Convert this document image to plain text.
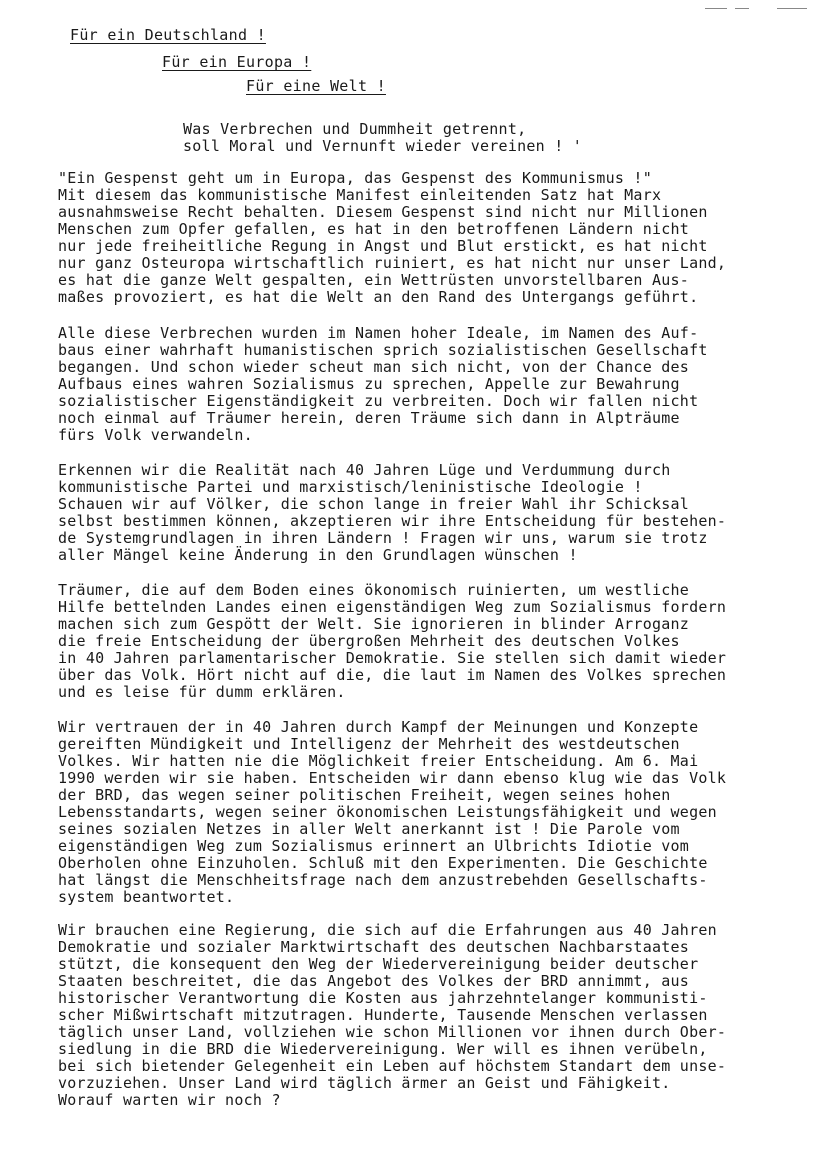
Für ein Deutschland !
Für ein Europa !
Für eine Welt !
Was Verbrechen und Dummheit getrennt,
soll Moral und Vernunft wieder vereinen ! '
"Ein Gespenst geht um in Europa, das Gespenst des Kommunismus !"
Mit diesem das kommunistische Manifest einleitenden Satz hat Marx
ausnahmsweise Recht behalten. Diesem Gespenst sind nicht nur Millionen
Menschen zum Opfer gefallen, es hat in den betroffenen Ländern nicht
nur jede freiheitliche Regung in Angst und Blut erstickt, es hat nicht
nur ganz Osteuropa wirtschaftlich ruiniert, es hat nicht nur unser Land,
es hat die ganze Welt gespalten, ein Wettrüsten unvorstellbaren Aus-
maßes provoziert, es hat die Welt an den Rand des Untergangs geführt.
Alle diese Verbrechen wurden im Namen hoher Ideale, im Namen des Auf-
baus einer wahrhaft humanistischen sprich sozialistischen Gesellschaft
begangen. Und schon wieder scheut man sich nicht, von der Chance des
Aufbaus eines wahren Sozialismus zu sprechen, Appelle zur Bewahrung
sozialistischer Eigenständigkeit zu verbreiten. Doch wir fallen nicht
noch einmal auf Träumer herein, deren Träume sich dann in Alpträume
fürs Volk verwandeln.
Erkennen wir die Realität nach 40 Jahren Lüge und Verdummung durch
kommunistische Partei und marxistisch/leninistische Ideologie !
Schauen wir auf Völker, die schon lange in freier Wahl ihr Schicksal
selbst bestimmen können, akzeptieren wir ihre Entscheidung für bestehen-
de Systemgrundlagen in ihren Ländern ! Fragen wir uns, warum sie trotz
aller Mängel keine Änderung in den Grundlagen wünschen !
Träumer, die auf dem Boden eines ökonomisch ruinierten, um westliche
Hilfe bettelnden Landes einen eigenständigen Weg zum Sozialismus fordern
machen sich zum Gespött der Welt. Sie ignorieren in blinder Arroganz
die freie Entscheidung der übergroßen Mehrheit des deutschen Volkes
in 40 Jahren parlamentarischer Demokratie. Sie stellen sich damit wieder
über das Volk. Hört nicht auf die, die laut im Namen des Volkes sprechen
und es leise für dumm erklären.
Wir vertrauen der in 40 Jahren durch Kampf der Meinungen und Konzepte
gereiften Mündigkeit und Intelligenz der Mehrheit des westdeutschen
Volkes. Wir hatten nie die Möglichkeit freier Entscheidung. Am 6. Mai
1990 werden wir sie haben. Entscheiden wir dann ebenso klug wie das Volk
der BRD, das wegen seiner politischen Freiheit, wegen seines hohen
Lebensstandarts, wegen seiner ökonomischen Leistungsfähigkeit und wegen
seines sozialen Netzes in aller Welt anerkannt ist ! Die Parole vom
eigenständigen Weg zum Sozialismus erinnert an Ulbrichts Idiotie vom
Oberholen ohne Einzuholen. Schluß mit den Experimenten. Die Geschichte
hat längst die Menschheitsfrage nach dem anzustrebehden Gesellschafts-
system beantwortet.
Wir brauchen eine Regierung, die sich auf die Erfahrungen aus 40 Jahren
Demokratie und sozialer Marktwirtschaft des deutschen Nachbarstaates
stützt, die konsequent den Weg der Wiedervereinigung beider deutscher
Staaten beschreitet, die das Angebot des Volkes der BRD annimmt, aus
historischer Verantwortung die Kosten aus jahrzehntelanger kommunisti-
scher Mißwirtschaft mitzutragen. Hunderte, Tausende Menschen verlassen
täglich unser Land, vollziehen wie schon Millionen vor ihnen durch Ober-
siedlung in die BRD die Wiedervereinigung. Wer will es ihnen verübeln,
bei sich bietender Gelegenheit ein Leben auf höchstem Standart dem unse-
vorzuziehen. Unser Land wird täglich ärmer an Geist und Fähigkeit.
Worauf warten wir noch ?
